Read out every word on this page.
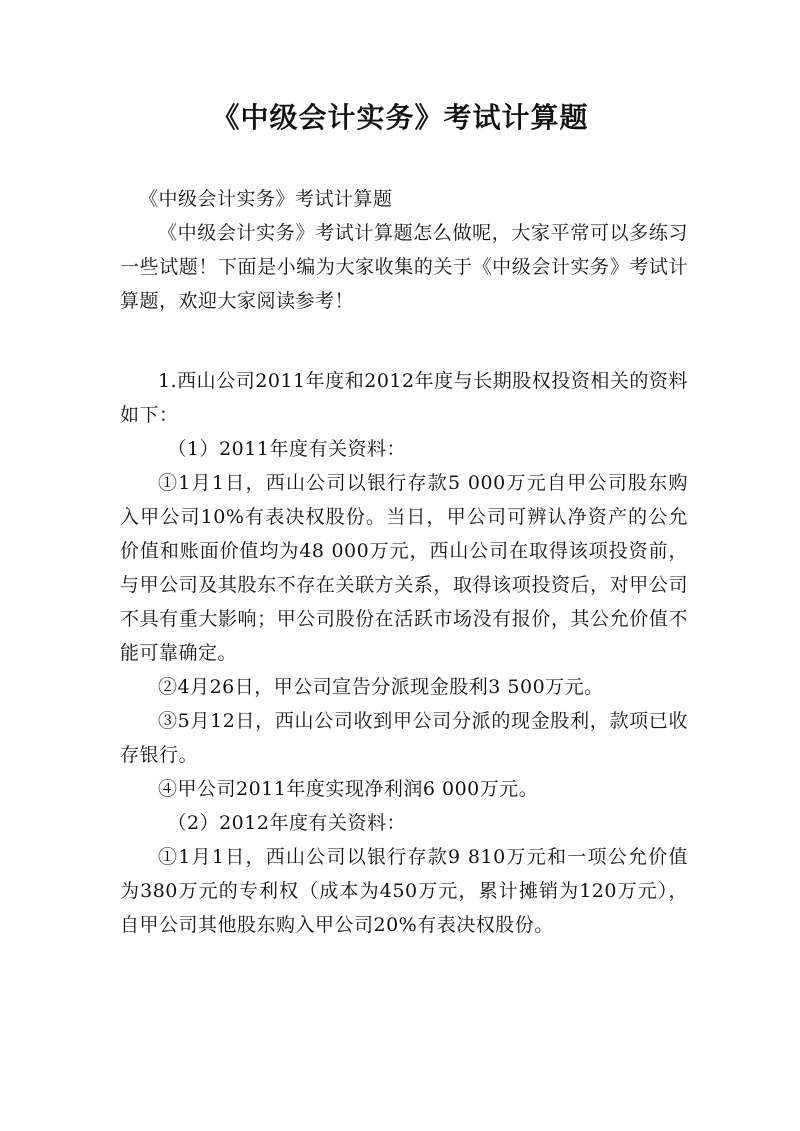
《中级会计实务》考试计算题

《中级会计实务》考试计算题

《中级会计实务》考试计算题怎么做呢，大家平常可以多练习一些试题！下面是小编为大家收集的关于《中级会计实务》考试计算题，欢迎大家阅读参考！

1.西山公司2011年度和2012年度与长期股权投资相关的资料如下：

（1）2011年度有关资料：

①1月1日，西山公司以银行存款5 000万元自甲公司股东购入甲公司10%有表决权股份。当日，甲公司可辨认净资产的公允价值和账面价值均为48 000万元，西山公司在取得该项投资前，与甲公司及其股东不存在关联方关系，取得该项投资后，对甲公司不具有重大影响；甲公司股份在活跃市场没有报价，其公允价值不能可靠确定。

②4月26日，甲公司宣告分派现金股利3 500万元。

③5月12日，西山公司收到甲公司分派的现金股利，款项已收存银行。

④甲公司2011年度实现净利润6 000万元。

（2）2012年度有关资料：

①1月1日，西山公司以银行存款9 810万元和一项公允价值为380万元的专利权（成本为450万元，累计摊销为120万元），自甲公司其他股东购入甲公司20%有表决权股份。
